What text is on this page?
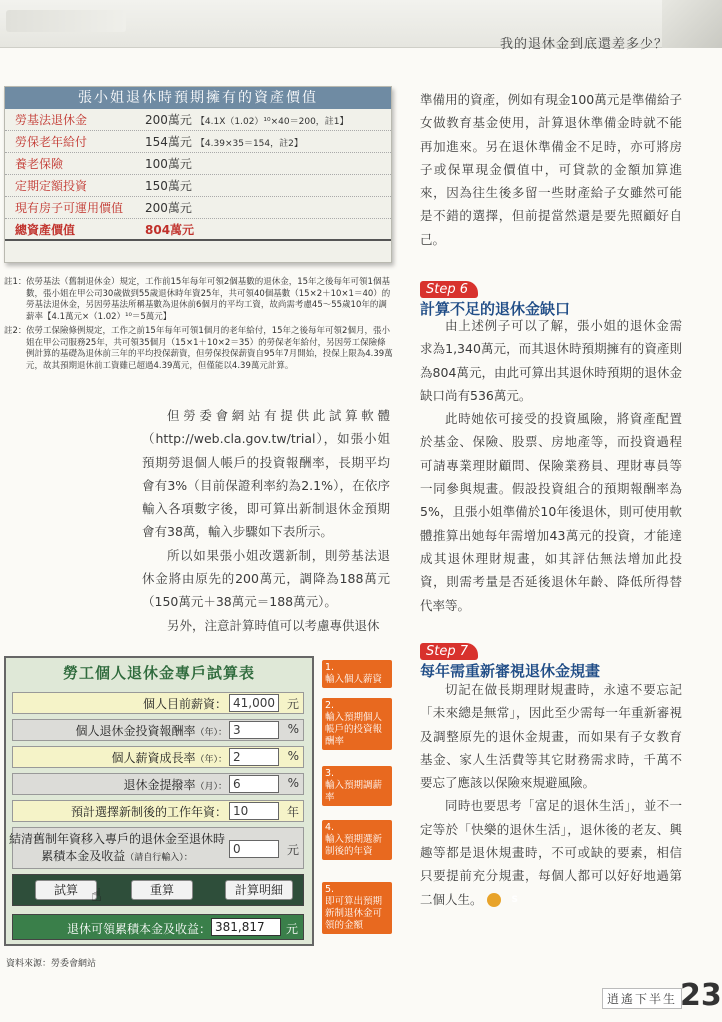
我的退休金到底還差多少？
張小姐退休時預期擁有的資產價值
勞基法退休金	200萬元 【4.1X（1.02）¹⁰×40＝200，註1】
勞保老年給付	154萬元 【4.39×35＝154，註2】
養老保險	100萬元
定期定額投資	150萬元
現有房子可運用價值 200萬元
總資產價值	804萬元
註1： 依勞基法（舊制退休金）規定，工作前15年每年可領2個基數的退休金，15年之後每年可領1個基數，張小姐在甲公司30歲做到55歲退休時年資25年，共可領40個基數（15×2＋10×1＝40）的勞基法退休金，另因勞基法所稱基數為退休前6個月的平均工資，故尚需考慮45～55歲10年的調薪率【4.1萬元×（1.02）¹⁰＝5萬元】
註2： 依勞工保險條例規定，工作之前15年每年可領1個月的老年給付，15年之後每年可領2個月，張小姐在甲公司服務25年，共可領35個月（15×1＋10×2＝35）的勞保老年給付，另因勞工保險條例計算的基礎為退休前三年的平均投保薪資，但勞保投保薪資自95年7月開始，投保上限為4.39萬元，故其預期退休前工資雖已超過4.39萬元，但僅能以4.39萬元計算。

但勞委會網站有提供此試算軟體（http://web.cla.gov.tw/trial），如張小姐預期勞退個人帳戶的投資報酬率，長期平均會有3%（目前保證利率約為2.1%），在依序輸入各項數字後，即可算出新制退休金預期會有38萬，輸入步驟如下表所示。

所以如果張小姐改選新制，則勞基法退休金將由原先的200萬元，調降為188萬元（150萬元＋38萬元＝188萬元）。

另外，注意計算時值可以考慮專供退休

準備用的資產，例如有現金100萬元是準備給子女做教育基金使用，計算退休準備金時就不能再加進來。另在退休準備金不足時，亦可將房子或保單現金價值中，可貸款的金額加算進來，因為往生後多留一些財產給子女雖然可能是不錯的選擇，但前提當然還是要先照顧好自己。

Step 6
計算不足的退休金缺口

由上述例子可以了解，張小姐的退休金需求為1,340萬元，而其退休時預期擁有的資產則為804萬元，由此可算出其退休時預期的退休金缺口尚有536萬元。

此時她依可接受的投資風險，將資產配置於基金、保險、股票、房地產等，而投資過程可請專業理財顧問、保險業務員、理財專員等一同參與規畫。假設投資組合的預期報酬率為5%，且張小姐準備於10年後退休，則可使用軟體推算出她每年需增加43萬元的投資，才能達成其退休理財規畫，如其評估無法增加此投資，則需考量是否延後退休年齡、降低所得替代率等。

Step 7
每年需重新審視退休金規畫

切記在做長期理財規畫時，永遠不要忘記「未來總是無常」，因此至少需每一年重新審視及調整原先的退休金規畫，而如果有子女教育基金、家人生活費等其它財務需求時，千萬不要忘了應該以保險來規避風險。

同時也要思考「富足的退休生活」，並不一定等於「快樂的退休生活」，退休後的老友、興趣等都是退休規畫時，不可或缺的要素，相信只要提前充分規畫，每個人都可以好好地過第二個人生。	S

勞工個人退休金專戶試算表
個人目前薪資： 41,000 元
個人退休金投資報酬率（年）： 3	%
個人薪資成長率（年）： 2	%
退休金提撥率（月）： 6	%
預計選擇新制後的工作年資： 10	年
結清舊制年資移入專戶的退休金至退休時
累積本金及收益（請自行輸入）：
0	元
試算 ☝	重算	計算明細
退休可領累積本金及收益： 381,817	元
1.
輸入個人薪資
2.
輸入預期個人帳戶的投資報酬率
3.
輸入預期調薪率
4.
輸入預期選新制後的年資
5.
即可算出預期新制退休金可領的金額
資料來源：勞委會網站
逍遙下半生 23
